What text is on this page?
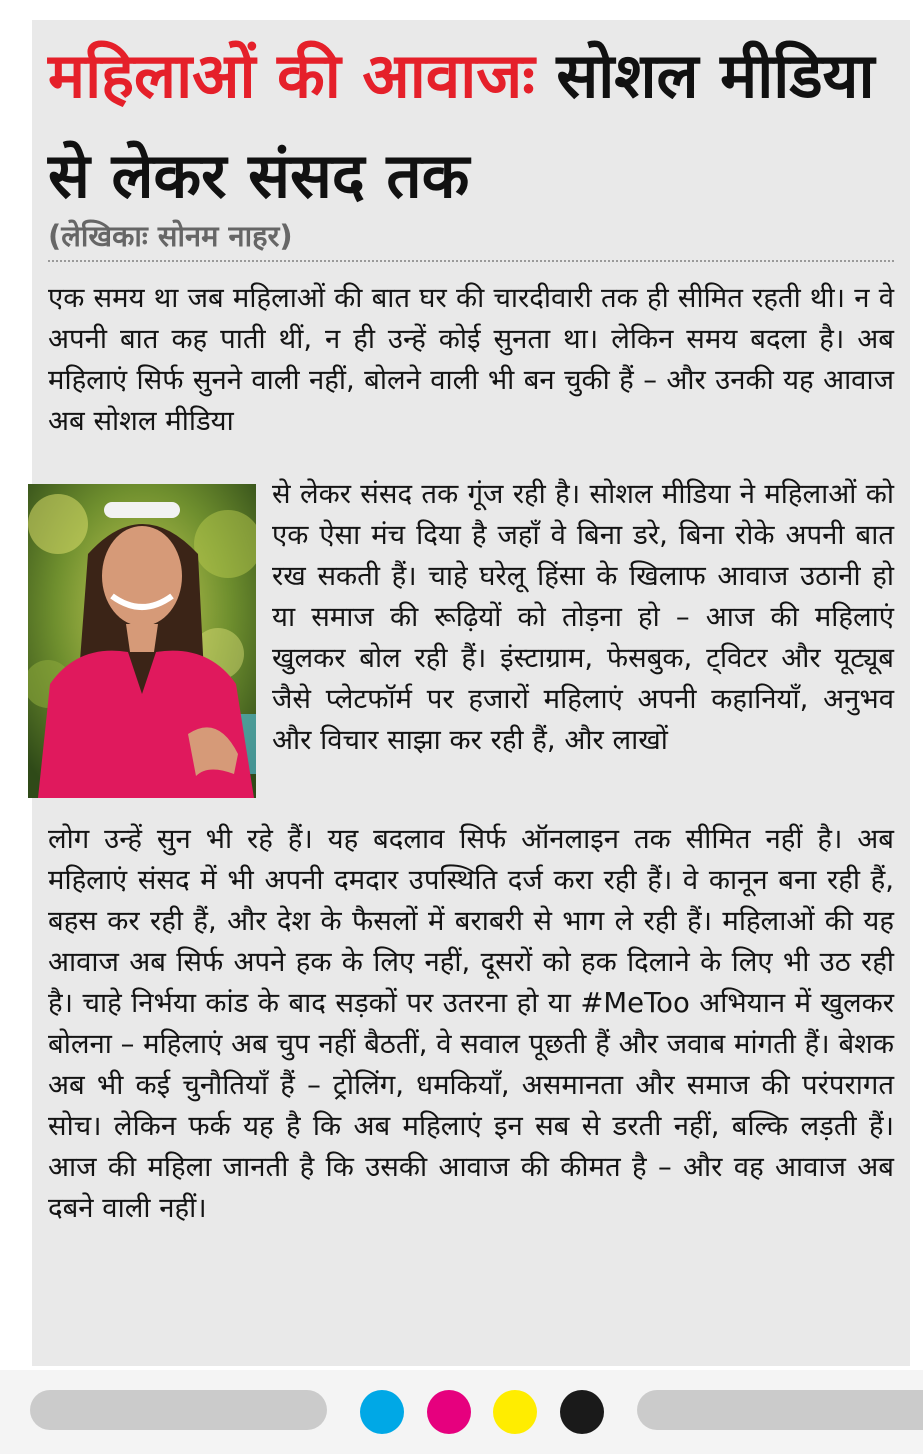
महिलाओं की आवाजः सोशल मीडिया से लेकर संसद तक
(लेखिकाः सोनम नाहर)

एक समय था जब महिलाओं की बात घर की चारदीवारी तक ही सीमित रहती थी। न वे अपनी बात कह पाती थीं, न ही उन्हें कोई सुनता था। लेकिन समय बदला है। अब महिलाएं सिर्फ सुनने वाली नहीं, बोलने वाली भी बन चुकी हैं – और उनकी यह आवाज अब सोशल मीडिया

से लेकर संसद तक गूंज रही है। सोशल मीडिया ने महिलाओं को एक ऐसा मंच दिया है जहाँ वे बिना डरे, बिना रोके अपनी बात रख सकती हैं। चाहे घरेलू हिंसा के खिलाफ आवाज उठानी हो या समाज की रूढ़ियों को तोड़ना हो – आज की महिलाएं खुलकर बोल रही हैं। इंस्टाग्राम, फेसबुक, ट्विटर और यूट्यूब जैसे प्लेटफॉर्म पर हजारों महिलाएं अपनी कहानियाँ, अनुभव और विचार साझा कर रही हैं, और लाखों

लोग उन्हें सुन भी रहे हैं। यह बदलाव सिर्फ ऑनलाइन तक सीमित नहीं है। अब महिलाएं संसद में भी अपनी दमदार उपस्थिति दर्ज करा रही हैं। वे कानून बना रही हैं, बहस कर रही हैं, और देश के फैसलों में बराबरी से भाग ले रही हैं। महिलाओं की यह आवाज अब सिर्फ अपने हक के लिए नहीं, दूसरों को हक दिलाने के लिए भी उठ रही है। चाहे निर्भया कांड के बाद सड़कों पर उतरना हो या #MeToo अभियान में खुलकर बोलना – महिलाएं अब चुप नहीं बैठतीं, वे सवाल पूछती हैं और जवाब मांगती हैं। बेशक अब भी कई चुनौतियाँ हैं – ट्रोलिंग, धमकियाँ, असमानता और समाज की परंपरागत सोच। लेकिन फर्क यह है कि अब महिलाएं इन सब से डरती नहीं, बल्कि लड़ती हैं। आज की महिला जानती है कि उसकी आवाज की कीमत है – और वह आवाज अब दबने वाली नहीं।
